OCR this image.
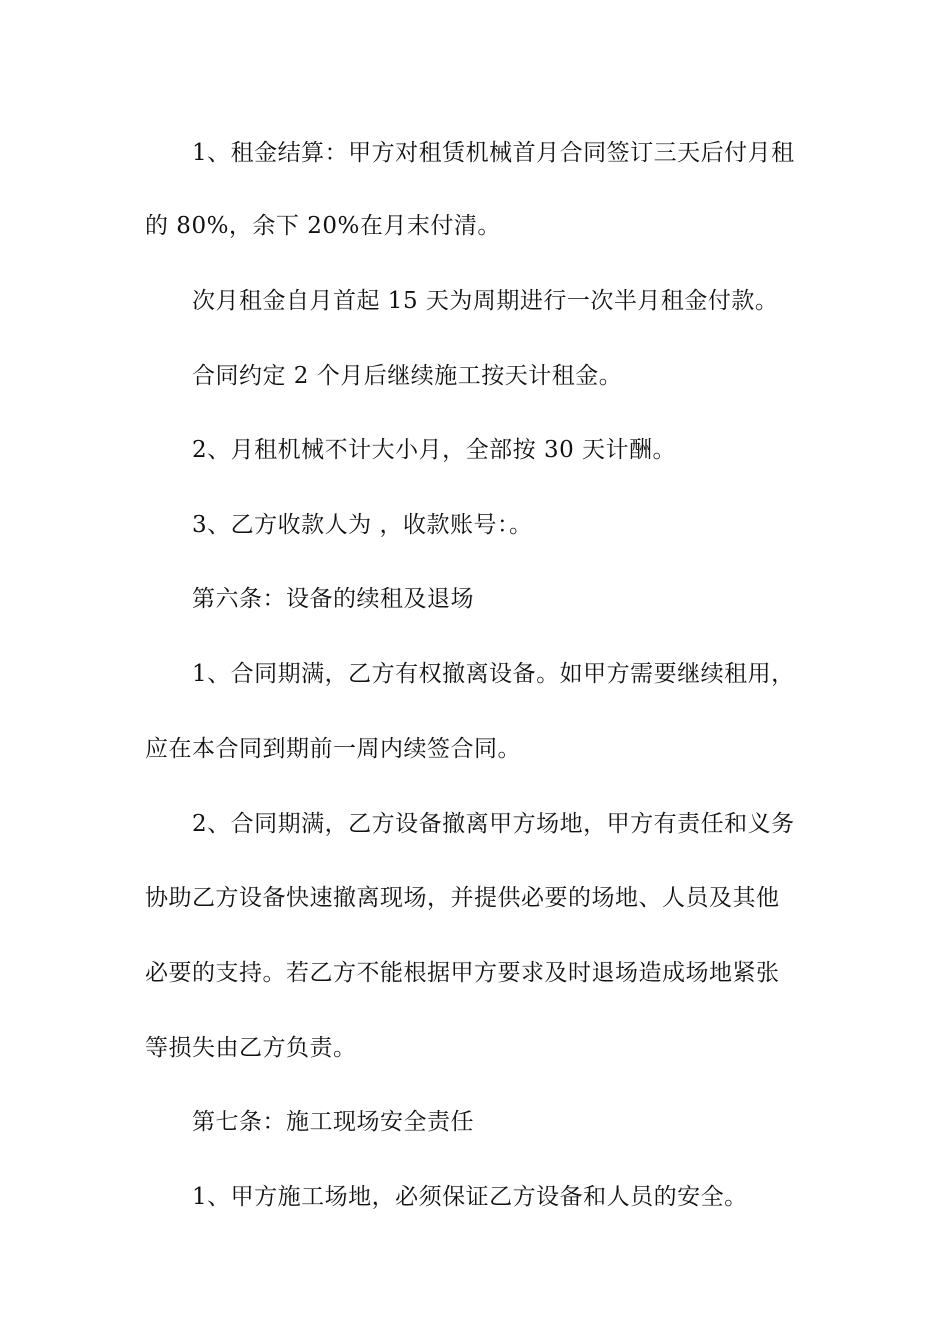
1、租金结算：甲方对租赁机械首月合同签订三天后付月租
的 80%，余下 20%在月末付清。
次月租金自月首起 15 天为周期进行一次半月租金付款。
合同约定 2 个月后继续施工按天计租金。
2、月租机械不计大小月，全部按 30 天计酬。
3、乙方收款人为 ，收款账号：。
第六条：设备的续租及退场
1、合同期满，乙方有权撤离设备。如甲方需要继续租用，
应在本合同到期前一周内续签合同。
2、合同期满，乙方设备撤离甲方场地，甲方有责任和义务
协助乙方设备快速撤离现场，并提供必要的场地、人员及其他
必要的支持。若乙方不能根据甲方要求及时退场造成场地紧张
等损失由乙方负责。
第七条：施工现场安全责任
1、甲方施工场地，必须保证乙方设备和人员的安全。
